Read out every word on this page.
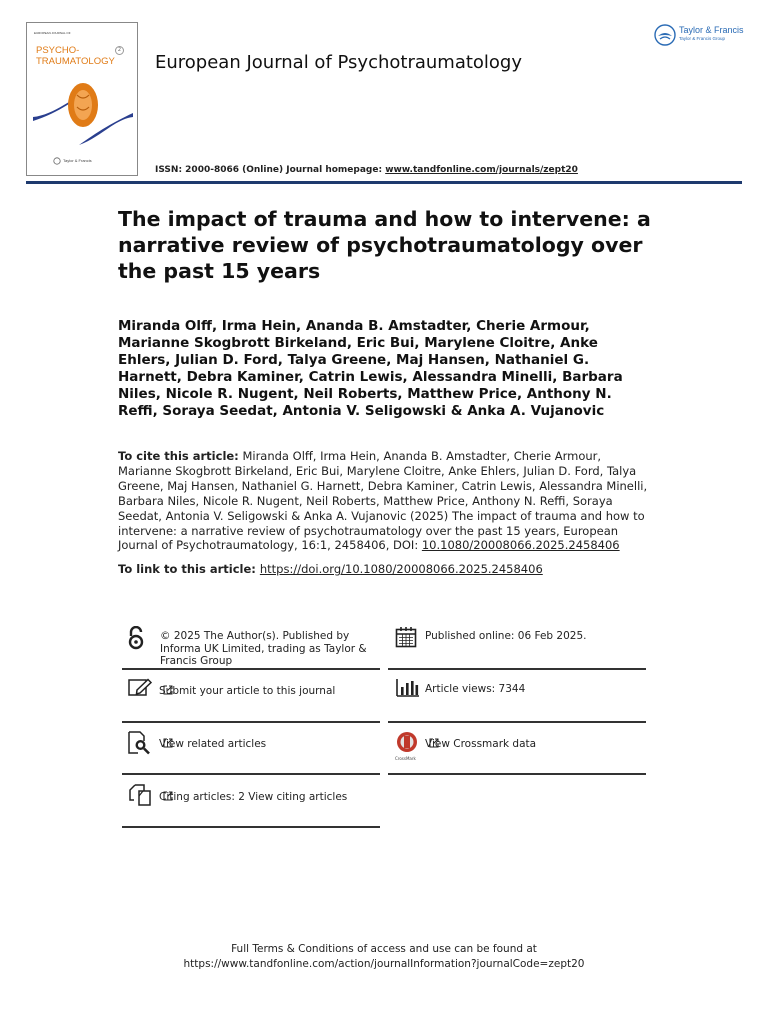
EUROPEAN JOURNAL OF
2
PSYCHO-
TRAUMATOLOGY
Taylor & Francis
European Journal of Psychotraumatology
ISSN: 2000-8066 (Online) Journal homepage: www.tandfonline.com/journals/zept20
Taylor & Francis
Taylor & Francis Group
The impact of trauma and how to intervene: a narrative review of psychotraumatology over the past 15 years
Miranda Olff, Irma Hein, Ananda B. Amstadter, Cherie Armour, Marianne Skogbrott Birkeland, Eric Bui, Marylene Cloitre, Anke Ehlers, Julian D. Ford, Talya Greene, Maj Hansen, Nathaniel G. Harnett, Debra Kaminer, Catrin Lewis, Alessandra Minelli, Barbara Niles, Nicole R. Nugent, Neil Roberts, Matthew Price, Anthony N. Reffi, Soraya Seedat, Antonia V. Seligowski & Anka A. Vujanovic
To cite this article: Miranda Olff, Irma Hein, Ananda B. Amstadter, Cherie Armour, Marianne Skogbrott Birkeland, Eric Bui, Marylene Cloitre, Anke Ehlers, Julian D. Ford, Talya Greene, Maj Hansen, Nathaniel G. Harnett, Debra Kaminer, Catrin Lewis, Alessandra Minelli, Barbara Niles, Nicole R. Nugent, Neil Roberts, Matthew Price, Anthony N. Reffi, Soraya Seedat, Antonia V. Seligowski & Anka A. Vujanovic (2025) The impact of trauma and how to intervene: a narrative review of psychotraumatology over the past 15 years, European Journal of Psychotraumatology, 16:1, 2458406, DOI: 10.1080/20008066.2025.2458406
To link to this article: https://doi.org/10.1080/20008066.2025.2458406
© 2025 The Author(s). Published by Informa UK Limited, trading as Taylor & Francis Group
Published online: 06 Feb 2025.
Submit your article to this journal	Article views: 7344
View related articles
CrossMark
View Crossmark data
Citing articles: 2 View citing articles
Full Terms & Conditions of access and use can be found at
https://www.tandfonline.com/action/journalInformation?journalCode=zept20
